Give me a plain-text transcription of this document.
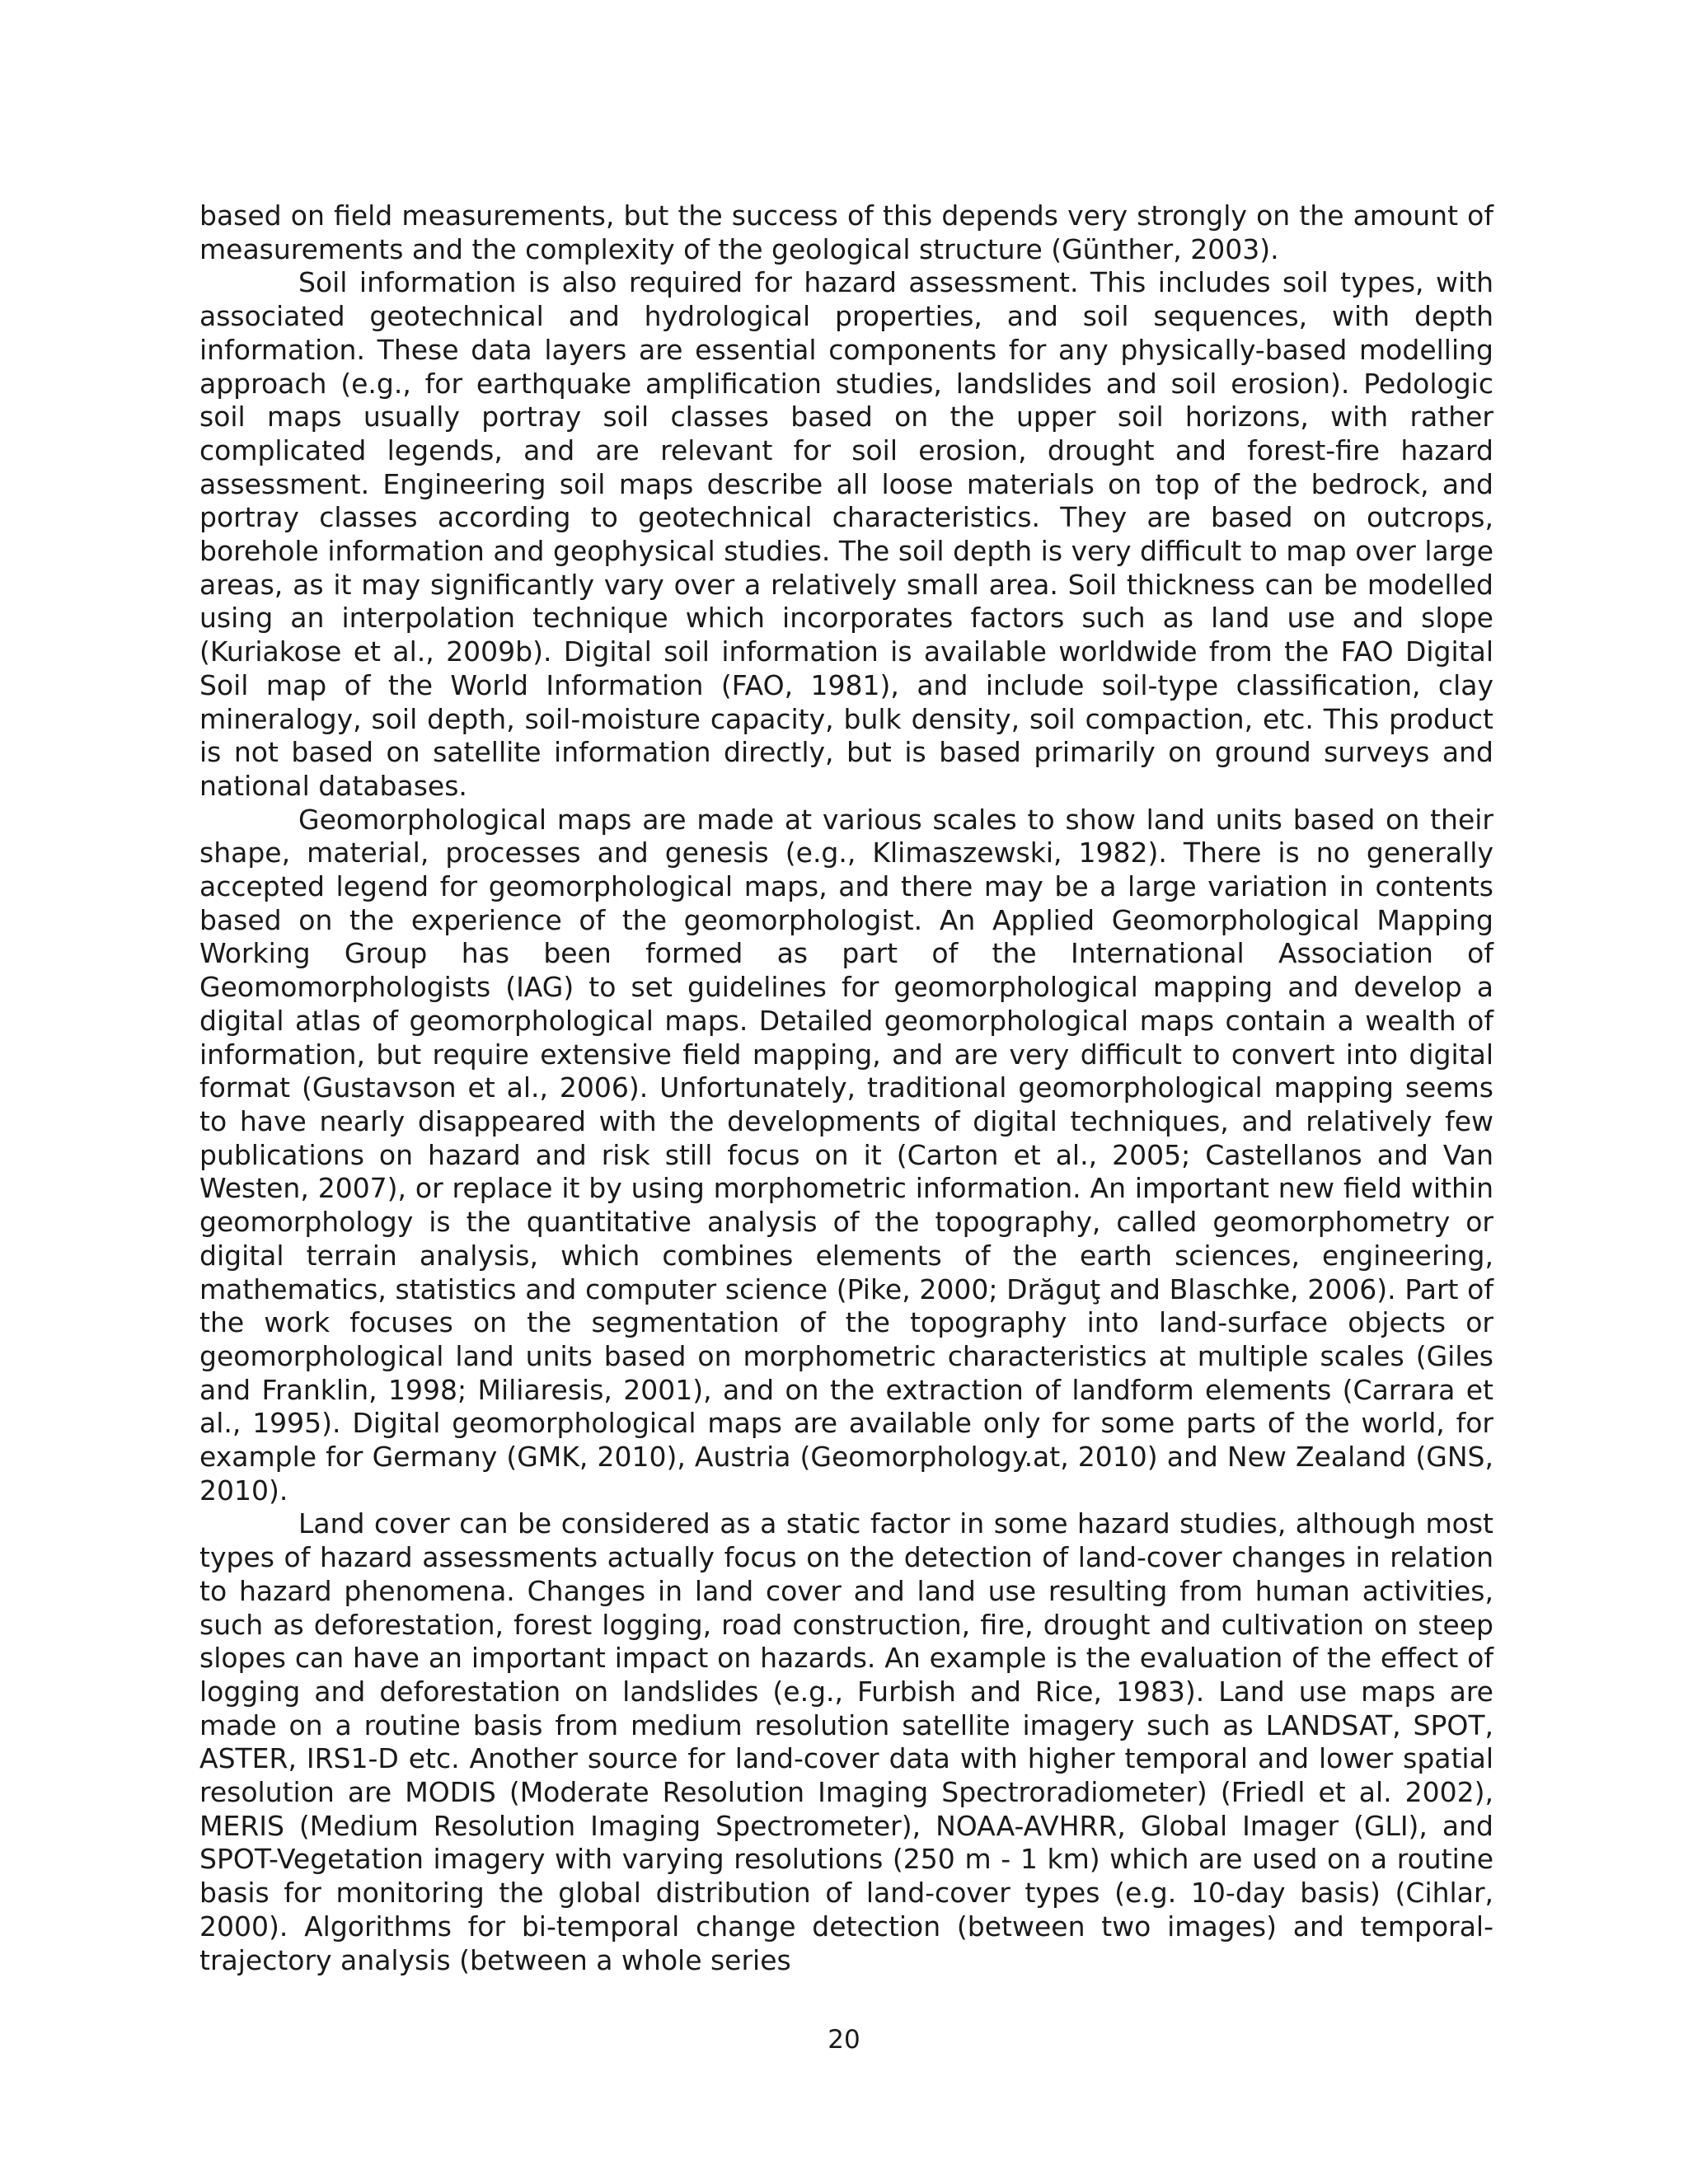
based on field measurements, but the success of this depends very strongly on the amount of measurements and the complexity of the geological structure (Günther, 2003).

Soil information is also required for hazard assessment. This includes soil types, with associated geotechnical and hydrological properties, and soil sequences, with depth information. These data layers are essential components for any physically-based modelling approach (e.g., for earthquake amplification studies, landslides and soil erosion). Pedologic soil maps usually portray soil classes based on the upper soil horizons, with rather complicated legends, and are relevant for soil erosion, drought and forest-fire hazard assessment. Engineering soil maps describe all loose materials on top of the bedrock, and portray classes according to geotechnical characteristics. They are based on outcrops, borehole information and geophysical studies. The soil depth is very difficult to map over large areas, as it may significantly vary over a relatively small area. Soil thickness can be modelled using an interpolation technique which incorporates factors such as land use and slope (Kuriakose et al., 2009b). Digital soil information is available worldwide from the FAO Digital Soil map of the World Information (FAO, 1981), and include soil-type classification, clay mineralogy, soil depth, soil-moisture capacity, bulk density, soil compaction, etc. This product is not based on satellite information directly, but is based primarily on ground surveys and national databases.

Geomorphological maps are made at various scales to show land units based on their shape, material, processes and genesis (e.g., Klimaszewski, 1982). There is no generally accepted legend for geomorphological maps, and there may be a large variation in contents based on the experience of the geomorphologist. An Applied Geomorphological Mapping Working Group has been formed as part of the International Association of Geomomorphologists (IAG) to set guidelines for geomorphological mapping and develop a digital atlas of geomorphological maps. Detailed geomorphological maps contain a wealth of information, but require extensive field mapping, and are very difficult to convert into digital format (Gustavson et al., 2006). Unfortunately, traditional geomorphological mapping seems to have nearly disappeared with the developments of digital techniques, and relatively few publications on hazard and risk still focus on it (Carton et al., 2005; Castellanos and Van Westen, 2007), or replace it by using morphometric information. An important new field within geomorphology is the quantitative analysis of the topography, called geomorphometry or digital terrain analysis, which combines elements of the earth sciences, engineering, mathematics, statistics and computer science (Pike, 2000; Drăguţ and Blaschke, 2006). Part of the work focuses on the segmentation of the topography into land-surface objects or geomorphological land units based on morphometric characteristics at multiple scales (Giles and Franklin, 1998; Miliaresis, 2001), and on the extraction of landform elements (Carrara et al., 1995). Digital geomorphological maps are available only for some parts of the world, for example for Germany (GMK, 2010), Austria (Geomorphology.at, 2010) and New Zealand (GNS, 2010).

Land cover can be considered as a static factor in some hazard studies, although most types of hazard assessments actually focus on the detection of land-cover changes in relation to hazard phenomena. Changes in land cover and land use resulting from human activities, such as deforestation, forest logging, road construction, fire, drought and cultivation on steep slopes can have an important impact on hazards. An example is the evaluation of the effect of logging and deforestation on landslides (e.g., Furbish and Rice, 1983). Land use maps are made on a routine basis from medium resolution satellite imagery such as LANDSAT, SPOT, ASTER, IRS1-D etc. Another source for land-cover data with higher temporal and lower spatial resolution are MODIS (Moderate Resolution Imaging Spectroradiometer) (Friedl et al. 2002), MERIS (Medium Resolution Imaging Spectrometer), NOAA-AVHRR, Global Imager (GLI), and SPOT-Vegetation imagery with varying resolutions (250 m - 1 km) which are used on a routine basis for monitoring the global distribution of land-cover types (e.g. 10-day basis) (Cihlar, 2000). Algorithms for bi-temporal change detection (between two images) and temporal-trajectory analysis (between a whole series

20
